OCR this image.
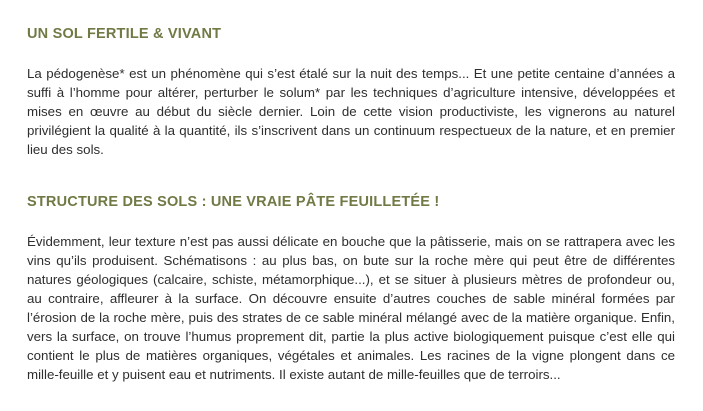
UN SOL FERTILE & VIVANT

La pédogenèse* est un phénomène qui s’est étalé sur la nuit des temps... Et une petite centaine d’années a suffi à l’homme pour altérer, perturber le solum* par les techniques d’agriculture intensive, développées et mises en œuvre au début du siècle dernier. Loin de cette vision productiviste, les vignerons au naturel privilégient la qualité à la quantité, ils s’inscrivent dans un continuum respectueux de la nature, et en premier lieu des sols.

STRUCTURE DES SOLS : UNE VRAIE PÂTE FEUILLETÉE !

Évidemment, leur texture n’est pas aussi délicate en bouche que la pâtisserie, mais on se rattrapera avec les vins qu’ils produisent. Schématisons : au plus bas, on bute sur la roche mère qui peut être de différentes natures géologiques (calcaire, schiste, métamorphique...), et se situer à plusieurs mètres de profondeur ou, au contraire, affleurer à la surface. On découvre ensuite d’autres couches de sable minéral formées par l’érosion de la roche mère, puis des strates de ce sable minéral mélangé avec de la matière organique. Enfin, vers la surface, on trouve l’humus proprement dit, partie la plus active biologiquement puisque c’est elle qui contient le plus de matières organiques, végétales et animales. Les racines de la vigne plongent dans ce mille-feuille et y puisent eau et nutriments. Il existe autant de mille-feuilles que de terroirs...
